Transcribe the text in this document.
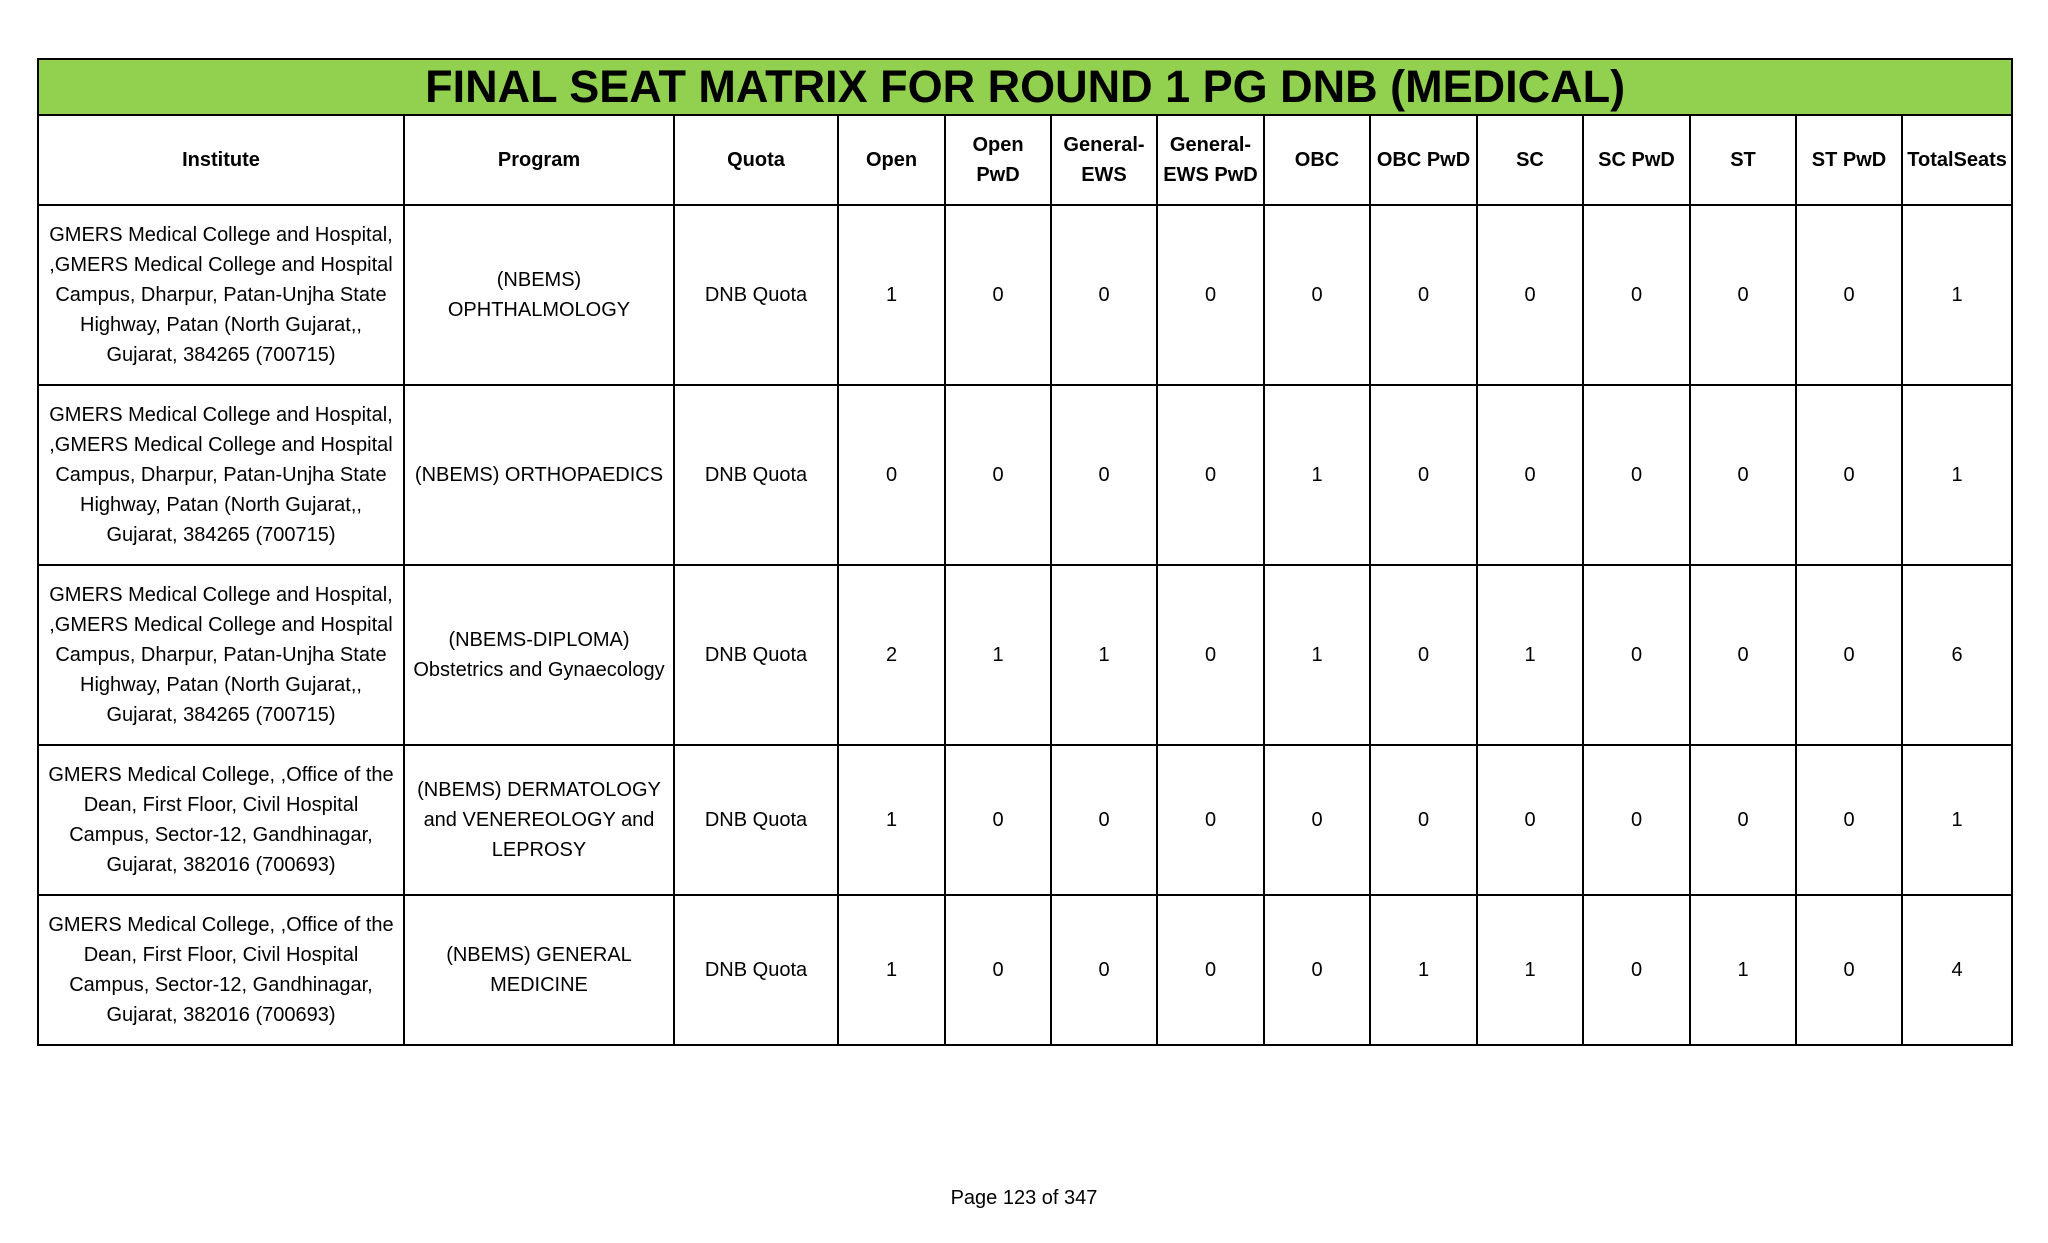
FINAL SEAT MATRIX FOR ROUND 1 PG DNB (MEDICAL)													
Institute	Program	Quota	Open	Open PwD	General-EWS	General-EWS PwD	OBC	OBC PwD	SC	SC PwD	ST	ST PwD	TotalSeats
GMERS Medical College and Hospital, ,GMERS Medical College and Hospital Campus, Dharpur, Patan-Unjha State Highway, Patan (North Gujarat,, Gujarat, 384265 (700715)	(NBEMS) OPHTHALMOLOGY	DNB Quota	1	0	0	0	0	0	0	0	0	0	1
GMERS Medical College and Hospital, ,GMERS Medical College and Hospital Campus, Dharpur, Patan-Unjha State Highway, Patan (North Gujarat,, Gujarat, 384265 (700715)	(NBEMS) ORTHOPAEDICS	DNB Quota	0	0	0	0	1	0	0	0	0	0	1
GMERS Medical College and Hospital, ,GMERS Medical College and Hospital Campus, Dharpur, Patan-Unjha State Highway, Patan (North Gujarat,, Gujarat, 384265 (700715)	(NBEMS-DIPLOMA) Obstetrics and Gynaecology	DNB Quota	2	1	1	0	1	0	1	0	0	0	6
GMERS Medical College, ,Office of the Dean, First Floor, Civil Hospital Campus, Sector-12, Gandhinagar, Gujarat, 382016 (700693)	(NBEMS) DERMATOLOGY and VENEREOLOGY and LEPROSY	DNB Quota	1	0	0	0	0	0	0	0	0	0	1
GMERS Medical College, ,Office of the Dean, First Floor, Civil Hospital Campus, Sector-12, Gandhinagar, Gujarat, 382016 (700693)	(NBEMS) GENERAL MEDICINE	DNB Quota	1	0	0	0	0	1	1	0	1	0	4
Page 123 of 347
